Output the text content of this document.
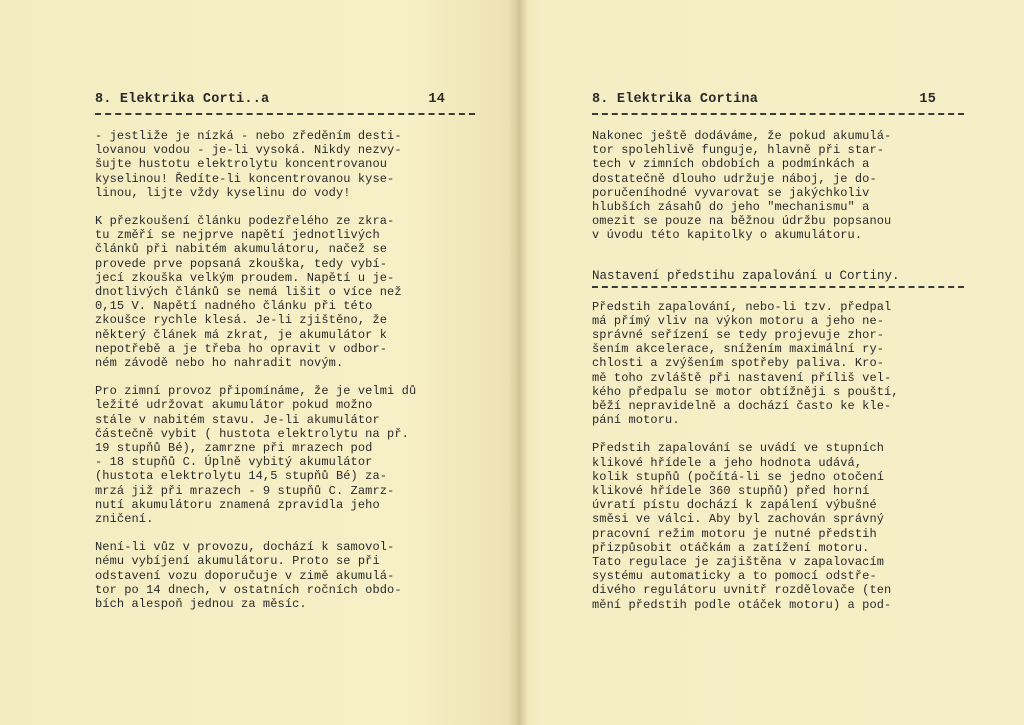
8. Elektrika Corti..a	14

- jestliže je nízká - nebo zředěním desti-
lovanou vodou - je-li vysoká. Nikdy nezvy-
šujte hustotu elektrolytu koncentrovanou
kyselinou! Ředíte-li koncentrovanou kyse-
linou, lijte vždy kyselinu do vody!

K přezkoušení článku podezřelého ze zkra-
tu změří se nejprve napětí jednotlivých
článků při nabitém akumulátoru, načež se
provede prve popsaná zkouška, tedy vybí-
jecí zkouška velkým proudem. Napětí u je-
dnotlivých článků se nemá lišit o více než
0,15 V. Napětí nadného článku při této
zkoušce rychle klesá. Je-li zjištěno, že
některý článek má zkrat, je akumulátor k
nepotřebě a je třeba ho opravit v odbor-
ném závodě nebo ho nahradit novým.

Pro zimní provoz připomínáme, že je velmi dů
ležité udržovat akumulátor pokud možno
stále v nabitém stavu. Je-li akumulátor
částečně vybit ( hustota elektrolytu na př.
19 stupňů Bé), zamrzne při mrazech pod
- 18 stupňů C. Úplně vybitý akumulátor
(hustota elektrolytu 14,5 stupňů Bé) za-
mrzá již při mrazech - 9 stupňů C. Zamrz-
nutí akumulátoru znamená zpravidla jeho
zničení.

Není-li vůz v provozu, dochází k samovol-
nému vybíjení akumulátoru. Proto se při
odstavení vozu doporučuje v zimě akumulá-
tor po 14 dnech, v ostatních ročních obdo-
bích alespoň jednou za měsíc.

8. Elektrika Cortina	15

Nakonec ještě dodáváme, že pokud akumulá-
tor spolehlivě funguje, hlavně při star-
tech v zimních obdobích a podmínkách a
dostatečně dlouho udržuje náboj, je do-
poručeníhodné vyvarovat se jakýchkoliv
hlubších zásahů do jeho "mechanismu" a
omezit se pouze na běžnou údržbu popsanou
v úvodu této kapitolky o akumulátoru.

Nastavení předstihu zapalování u Cortiny.

Předstih zapalování, nebo-li tzv. předpal
má přímý vliv na výkon motoru a jeho ne-
správné seřízení se tedy projevuje zhor-
šením akcelerace, snížením maximální ry-
chlosti a zvýšením spotřeby paliva. Kro-
mě toho zvláště při nastavení příliš vel-
kého předpalu se motor obtížněji s pouští,
běží nepravidelně a dochází často ke kle-
pání motoru.

Předstih zapalování se uvádí ve stupních
klikové hřídele a jeho hodnota udává,
kolik stupňů (počítá-li se jedno otočení
klikové hřídele 360 stupňů) před horní
úvratí pístu dochází k zapálení výbušné
směsi ve válci. Aby byl zachován správný
pracovní režim motoru je nutné předstih
přizpůsobit otáčkám a zatížení motoru.
Tato regulace je zajištěna v zapalovacím
systému automaticky a to pomocí odstře-
divého regulátoru uvnitř rozdělovače (ten
mění předstih podle otáček motoru) a pod-
